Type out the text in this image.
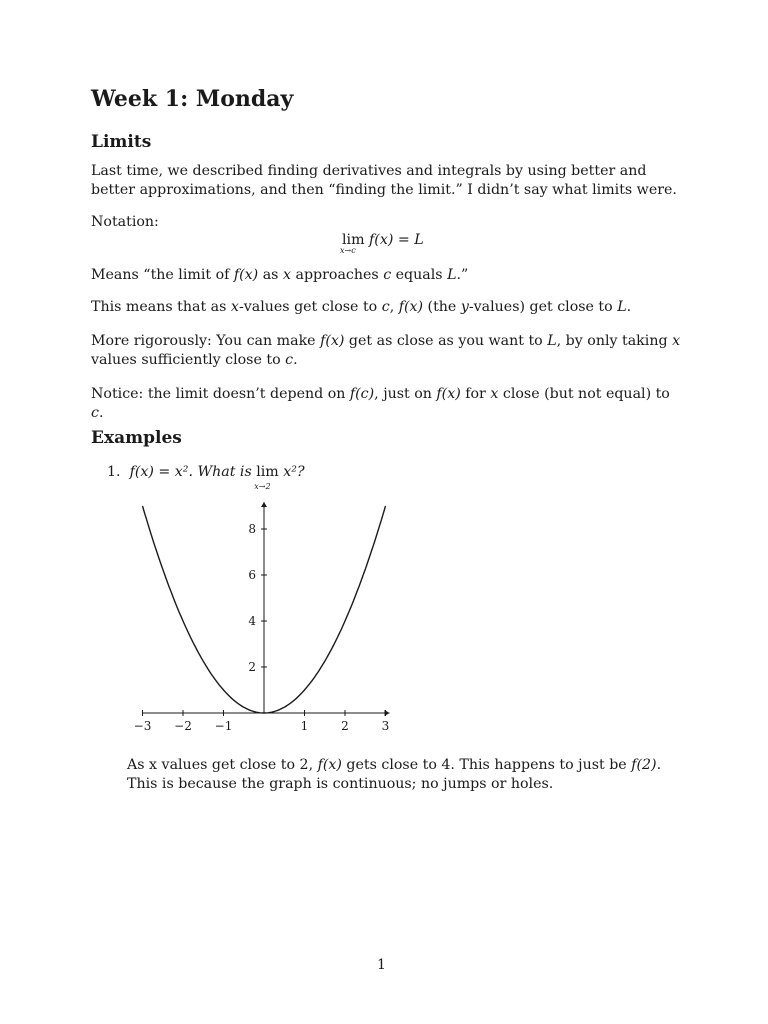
Week 1: Monday
Limits

Last time, we described finding derivatives and integrals by using better and better approximations, and then “finding the limit.” I didn’t say what limits were.

Notation:

lim
x→c
f(x) = L

Means “the limit of f(x) as x approaches c equals L.”

This means that as x-values get close to c, f(x) (the y-values) get close to L.

More rigorously: You can make f(x) get as close as you want to L, by only taking x values sufficiently close to c.

Notice: the limit doesn’t depend on f(c), just on f(x) for x close (but not equal) to c.

Examples

1. f(x) = x². What is lim
x→2
x²?

−3 −2 −1	1	2	3
2
4
6
8

As x values get close to 2, f(x) gets close to 4. This happens to just be f(2). This is because the graph is continuous; no jumps or holes.

1
